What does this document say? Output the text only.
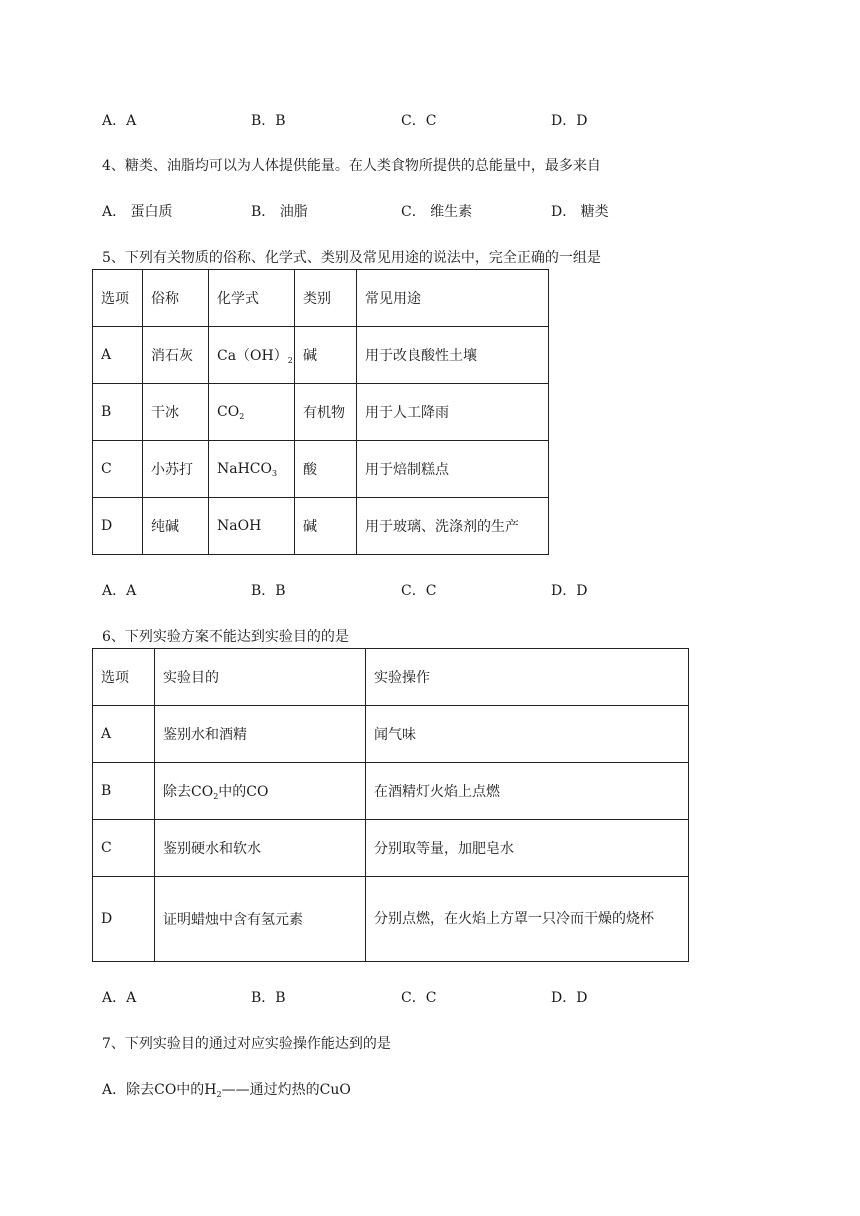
A．A	B．B	C．C	D．D
4、糖类、油脂均可以为人体提供能量。在人类食物所提供的总能量中，最多来自
A． 蛋白质	B． 油脂	C． 维生素	D． 糖类
5、下列有关物质的俗称、化学式、类别及常见用途的说法中，完全正确的一组是
选项	俗称	化学式	类别	常见用途
A	消石灰	$Ca(OH)_2$	碱	用于改良酸性土壤
B	干冰	$CO_2$	有机物	用于人工降雨
C	小苏打	NaHCO$_3$	酸	用于焙制糕点
D	纯碱	NaOH	碱	用于玻璃、洗涤剂的生产
A．A	B．B	C．C	D．D
6、下列实验方案不能达到实验目的的是
选项	实验目的	实验操作
A	鉴别水和酒精	闻气味
B	除去$CO_2$中的CO	在酒精灯火焰上点燃
C	鉴别硬水和软水	分别取等量，加肥皂水
D	证明蜡烛中含有氢元素	分别点燃，在火焰上方罩一只冷而干燥的烧杯
A．A	B．B	C．C	D．D
7、下列实验目的通过对应实验操作能达到的是
A．除去CO中的$H_2——$通过灼热的CuO
